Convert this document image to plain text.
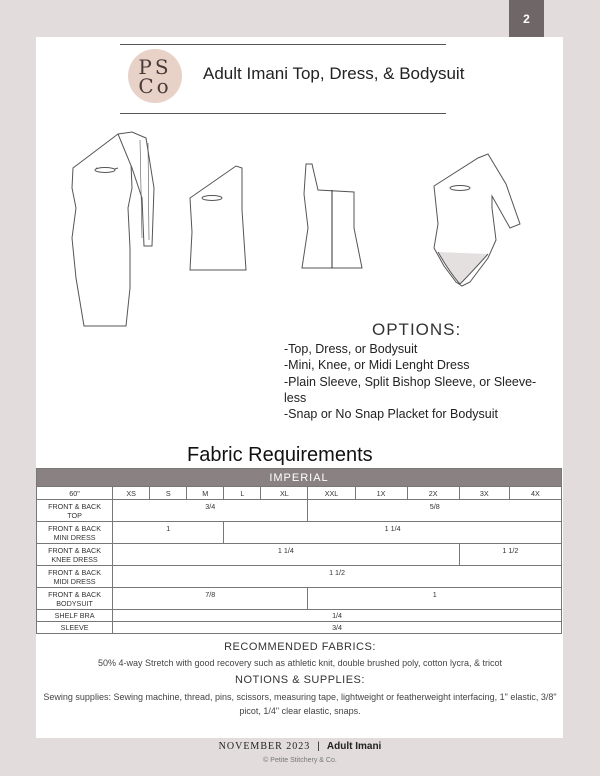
2
PS
Co
Adult Imani Top, Dress, & Bodysuit
OPTIONS:
-Top, Dress, or Bodysuit
-Mini, Knee, or Midi Lenght Dress
-Plain Sleeve, Split Bishop Sleeve, or Sleeve-less
-Snap or No Snap Placket for Bodysuit
Fabric Requirements
IMPERIAL										
60"	XS	S	M	L	XL	XXL	1X	2X	3X	4X
FRONT & BACK
TOP	3/4					5/8				
FRONT & BACK
MINI DRESS	1			1 1/4						
FRONT & BACK
KNEE DRESS	1 1/4								1 1/2	
FRONT & BACK
MIDI DRESS	1 1/2									
FRONT & BACK
BODYSUIT	7/8					1				
SHELF BRA	1/4									
SLEEVE	3/4									
RECOMMENDED FABRICS:
50% 4-way Stretch with good recovery such as athletic knit, double brushed poly, cotton lycra, & tricot
NOTIONS & SUPPLIES:
Sewing supplies: Sewing machine, thread, pins, scissors, measuring tape, lightweight or featherweight interfacing, 1" elastic, 3/8" picot, 1/4" clear elastic, snaps.
NOVEMBER 2023 | Adult Imani
© Petite Stitchery & Co.
